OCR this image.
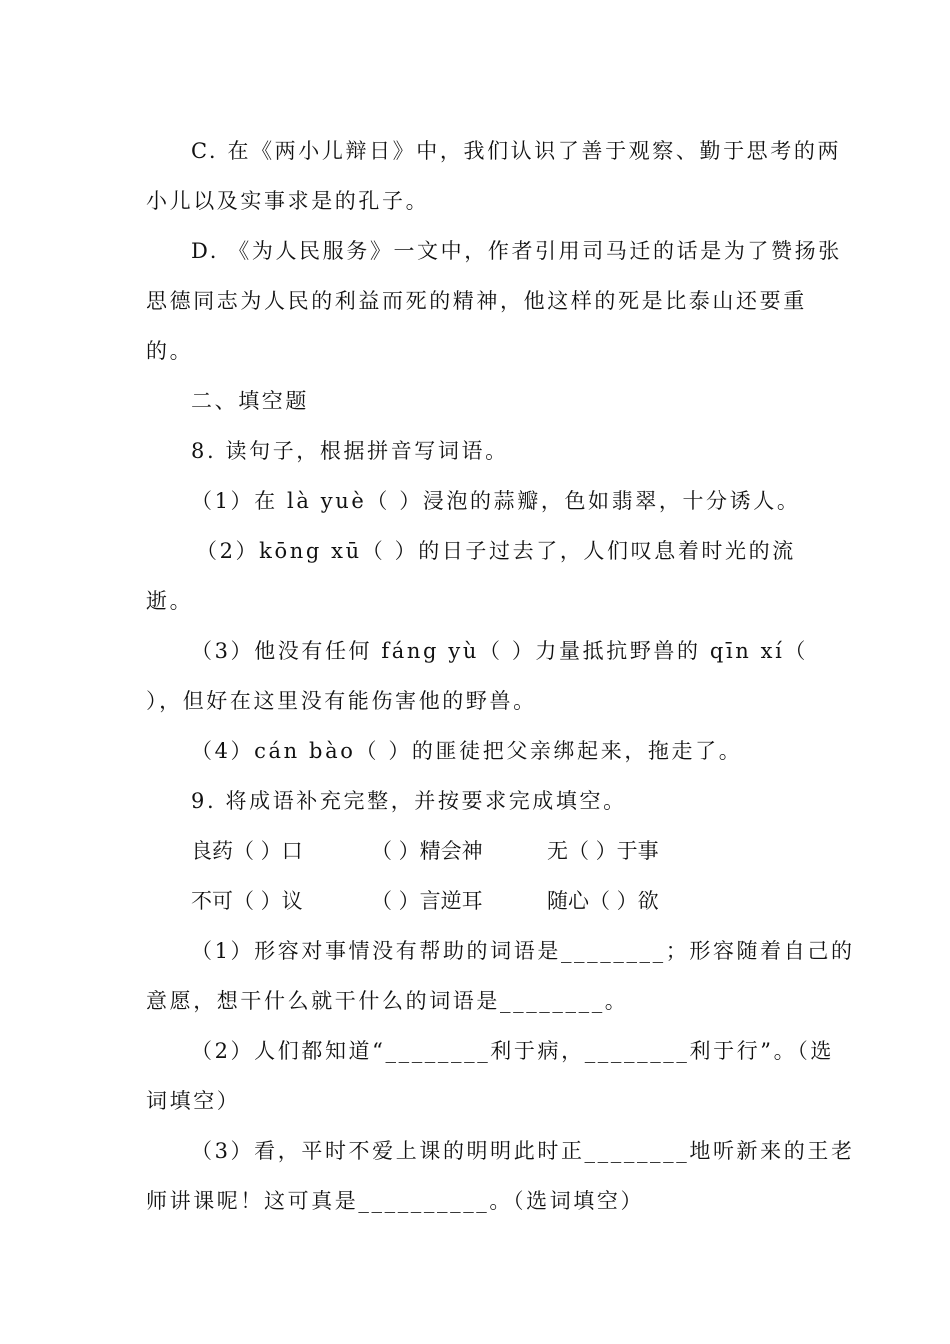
C. 在《两小儿辩日》中，我们认识了善于观察、勤于思考的两
小儿以及实事求是的孔子。
D. 《为人民服务》一文中，作者引用司马迁的话是为了赞扬张
思德同志为人民的利益而死的精神，他这样的死是比泰山还要重
的。
二、填空题
8. 读句子，根据拼音写词语。
（1）在 là yuè（ ）浸泡的蒜瓣，色如翡翠，十分诱人。
（2）kōng xū（ ）的日子过去了，人们叹息着时光的流
逝。
（3）他没有任何 fáng yù（ ）力量抵抗野兽的 qīn xí（
），但好在这里没有能伤害他的野兽。
（4）cán bào（ ）的匪徒把父亲绑起来，拖走了。
9. 将成语补充完整，并按要求完成填空。
良药（ ）口	（ ）精会神	无（ ）于事
不可（ ）议	（ ）言逆耳	随心（ ）欲
（1）形容对事情没有帮助的词语是________；形容随着自己的
意愿，想干什么就干什么的词语是________。
（2）人们都知道“________利于病，________利于行”。（选
词填空）
（3）看，平时不爱上课的明明此时正________地听新来的王老
师讲课呢！这可真是__________。（选词填空）
